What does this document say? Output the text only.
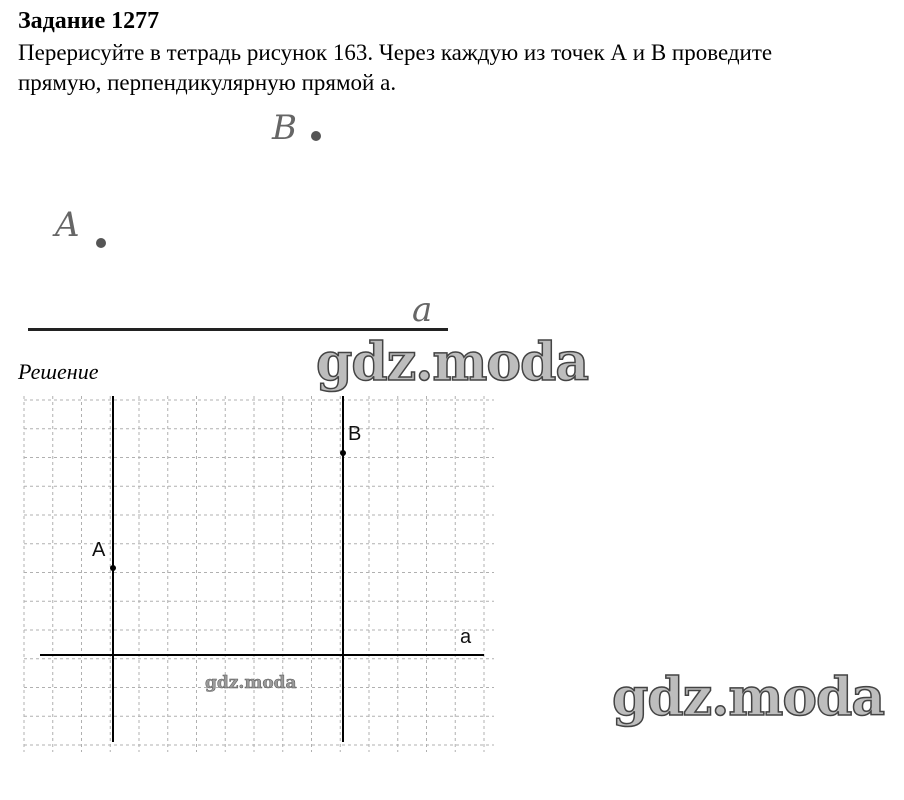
Задание 1277
Перерисуйте в тетрадь рисунок 163. Через каждую из точек А и В проведите
прямую, перпендикулярную прямой a.
B
A
a
Решение
A
B
a
gdz.moda
gdz.moda
gdz.moda
